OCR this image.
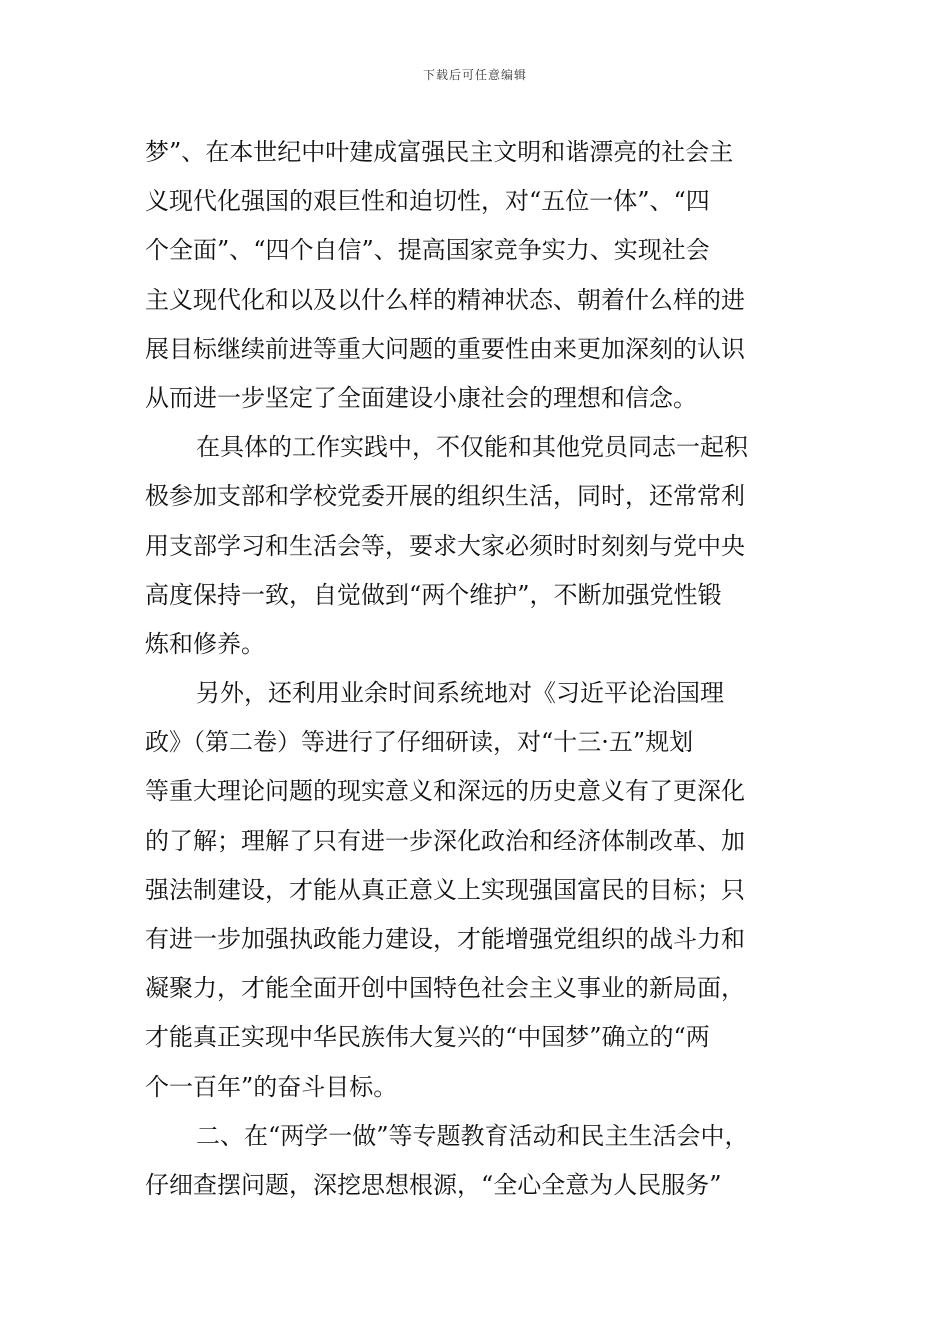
下载后可任意编辑
梦”、在本世纪中叶建成富强民主文明和谐漂亮的社会主
义现代化强国的艰巨性和迫切性，对“五位一体”、“四
个全面”、“四个自信”、提高国家竞争实力、实现社会
主义现代化和以及以什么样的精神状态、朝着什么样的进
展目标继续前进等重大问题的重要性由来更加深刻的认识
从而进一步坚定了全面建设小康社会的理想和信念。
在具体的工作实践中，不仅能和其他党员同志一起积
极参加支部和学校党委开展的组织生活，同时，还常常利
用支部学习和生活会等，要求大家必须时时刻刻与党中央
高度保持一致，自觉做到“两个维护”，不断加强党性锻
炼和修养。
另外，还利用业余时间系统地对《习近平论治国理
政》（第二卷）等进行了仔细研读，对“十三·五”规划
等重大理论问题的现实意义和深远的历史意义有了更深化
的了解；理解了只有进一步深化政治和经济体制改革、加
强法制建设，才能从真正意义上实现强国富民的目标；只
有进一步加强执政能力建设，才能增强党组织的战斗力和
凝聚力，才能全面开创中国特色社会主义事业的新局面，
才能真正实现中华民族伟大复兴的“中国梦”确立的“两
个一百年”的奋斗目标。
二、在“两学一做”等专题教育活动和民主生活会中，
仔细查摆问题，深挖思想根源，“全心全意为人民服务”
